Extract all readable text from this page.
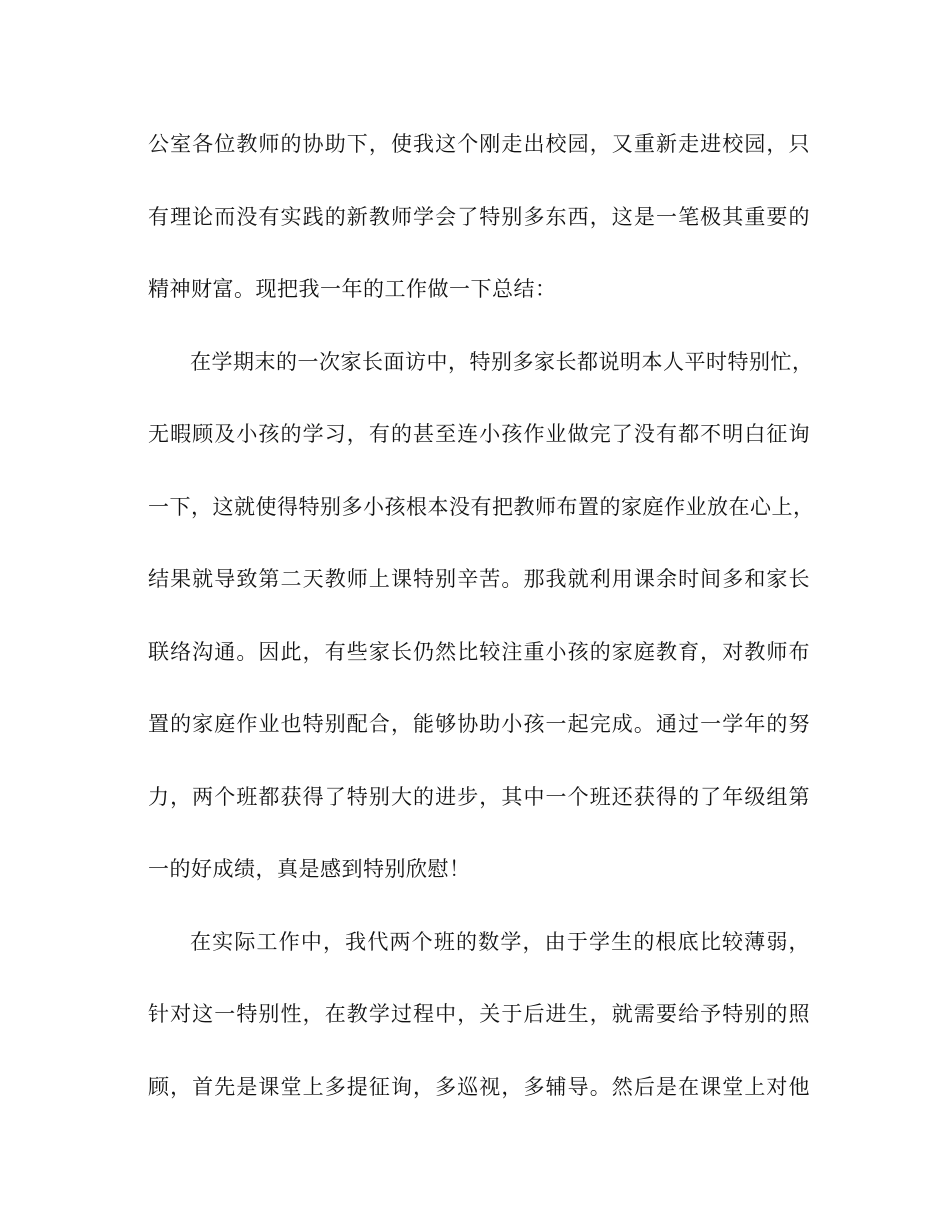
公室各位教师的协助下，使我这个刚走出校园，又重新走进校园，只
有理论而没有实践的新教师学会了特别多东西，这是一笔极其重要的
精神财富。现把我一年的工作做一下总结：
在学期末的一次家长面访中，特别多家长都说明本人平时特别忙，
无暇顾及小孩的学习，有的甚至连小孩作业做完了没有都不明白征询
一下，这就使得特别多小孩根本没有把教师布置的家庭作业放在心上，
结果就导致第二天教师上课特别辛苦。那我就利用课余时间多和家长
联络沟通。因此，有些家长仍然比较注重小孩的家庭教育，对教师布
置的家庭作业也特别配合，能够协助小孩一起完成。通过一学年的努
力，两个班都获得了特别大的进步，其中一个班还获得的了年级组第
一的好成绩，真是感到特别欣慰！
在实际工作中，我代两个班的数学，由于学生的根底比较薄弱，
针对这一特别性，在教学过程中，关于后进生，就需要给予特别的照
顾，首先是课堂上多提征询，多巡视，多辅导。然后是在课堂上对他
